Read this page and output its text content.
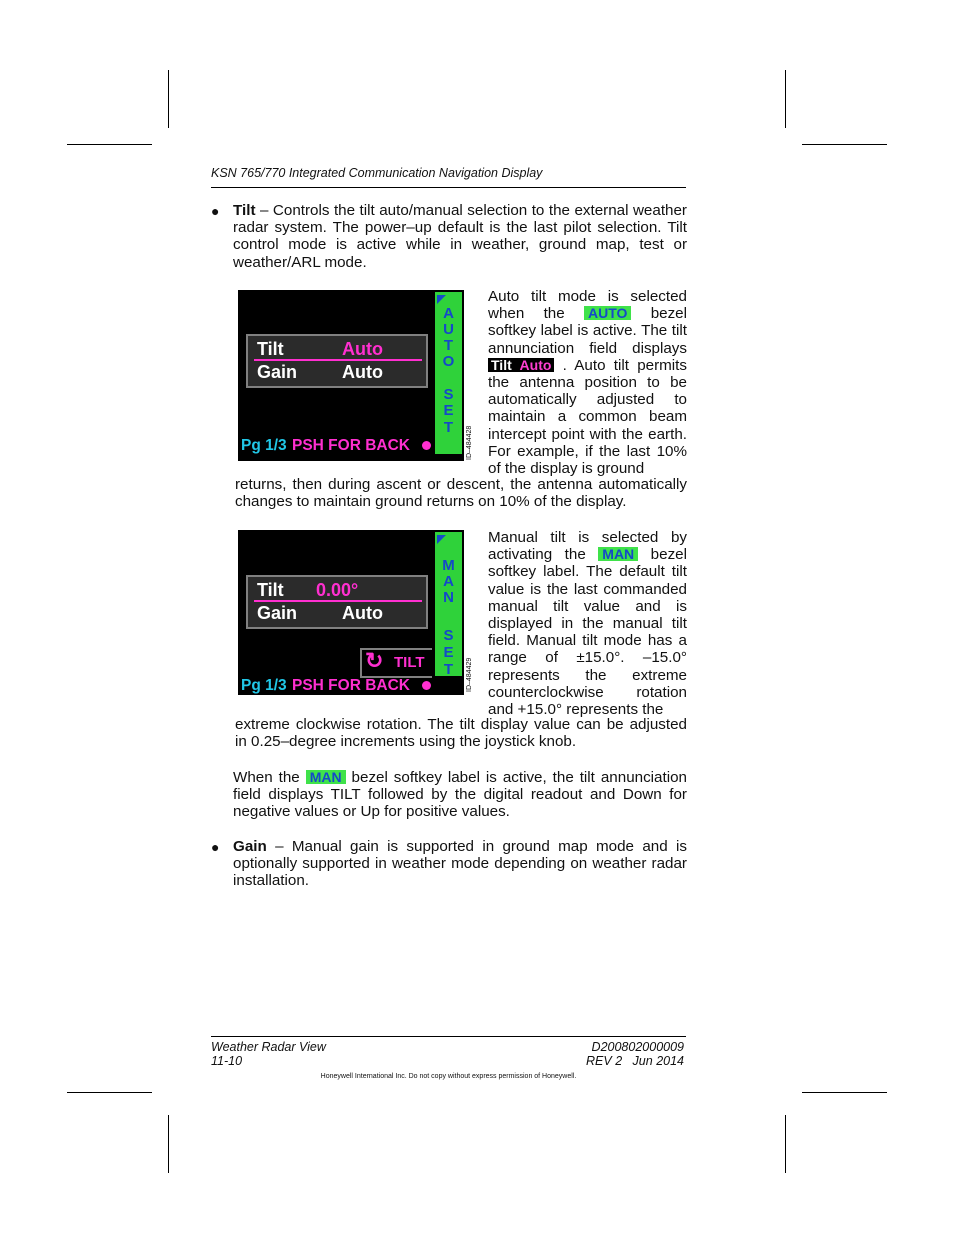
KSN 765/770 Integrated Communication Navigation Display
● Tilt – Controls the tilt auto/manual selection to the external weather radar system. The power–up default is the last pilot selection. Tilt control mode is active while in weather, ground map, test or weather/ARL mode.
Tilt	Auto
Gain Auto
A
U
T
O
S
E
T
Pg 1/3 PSH FOR BACK	ID–484428
Auto tilt mode is selected when the AUTO bezel softkey label is active. The tilt annunciation field displays Tilt Auto . Auto tilt permits the antenna position to be automatically adjusted to maintain a common beam intercept point with the earth. For example, if the last 10% of the display is ground
returns, then during ascent or descent, the antenna automatically changes to maintain ground returns on 10% of the display.
Tilt 0.00°
Gain Auto
↻ TILT
M
A
N
S
E
T
Pg 1/3 PSH FOR BACK	ID–484429
Manual tilt is selected by activating the MAN bezel softkey label. The default tilt value is the last commanded manual tilt value and is displayed in the manual tilt field. Manual tilt mode has a range of ±15.0°. –15.0° represents the extreme counterclockwise rotation and +15.0° represents the
extreme clockwise rotation. The tilt display value can be adjusted in 0.25–degree increments using the joystick knob.
When the MAN bezel softkey label is active, the tilt annunciation field displays TILT followed by the digital readout and Down for negative values or Up for positive values.
● Gain – Manual gain is supported in ground map mode and is optionally supported in weather mode depending on weather radar installation.
Weather Radar View
11-10
D200802000009
REV 2   Jun 2014
Honeywell International Inc. Do not copy without express permission of Honeywell.
